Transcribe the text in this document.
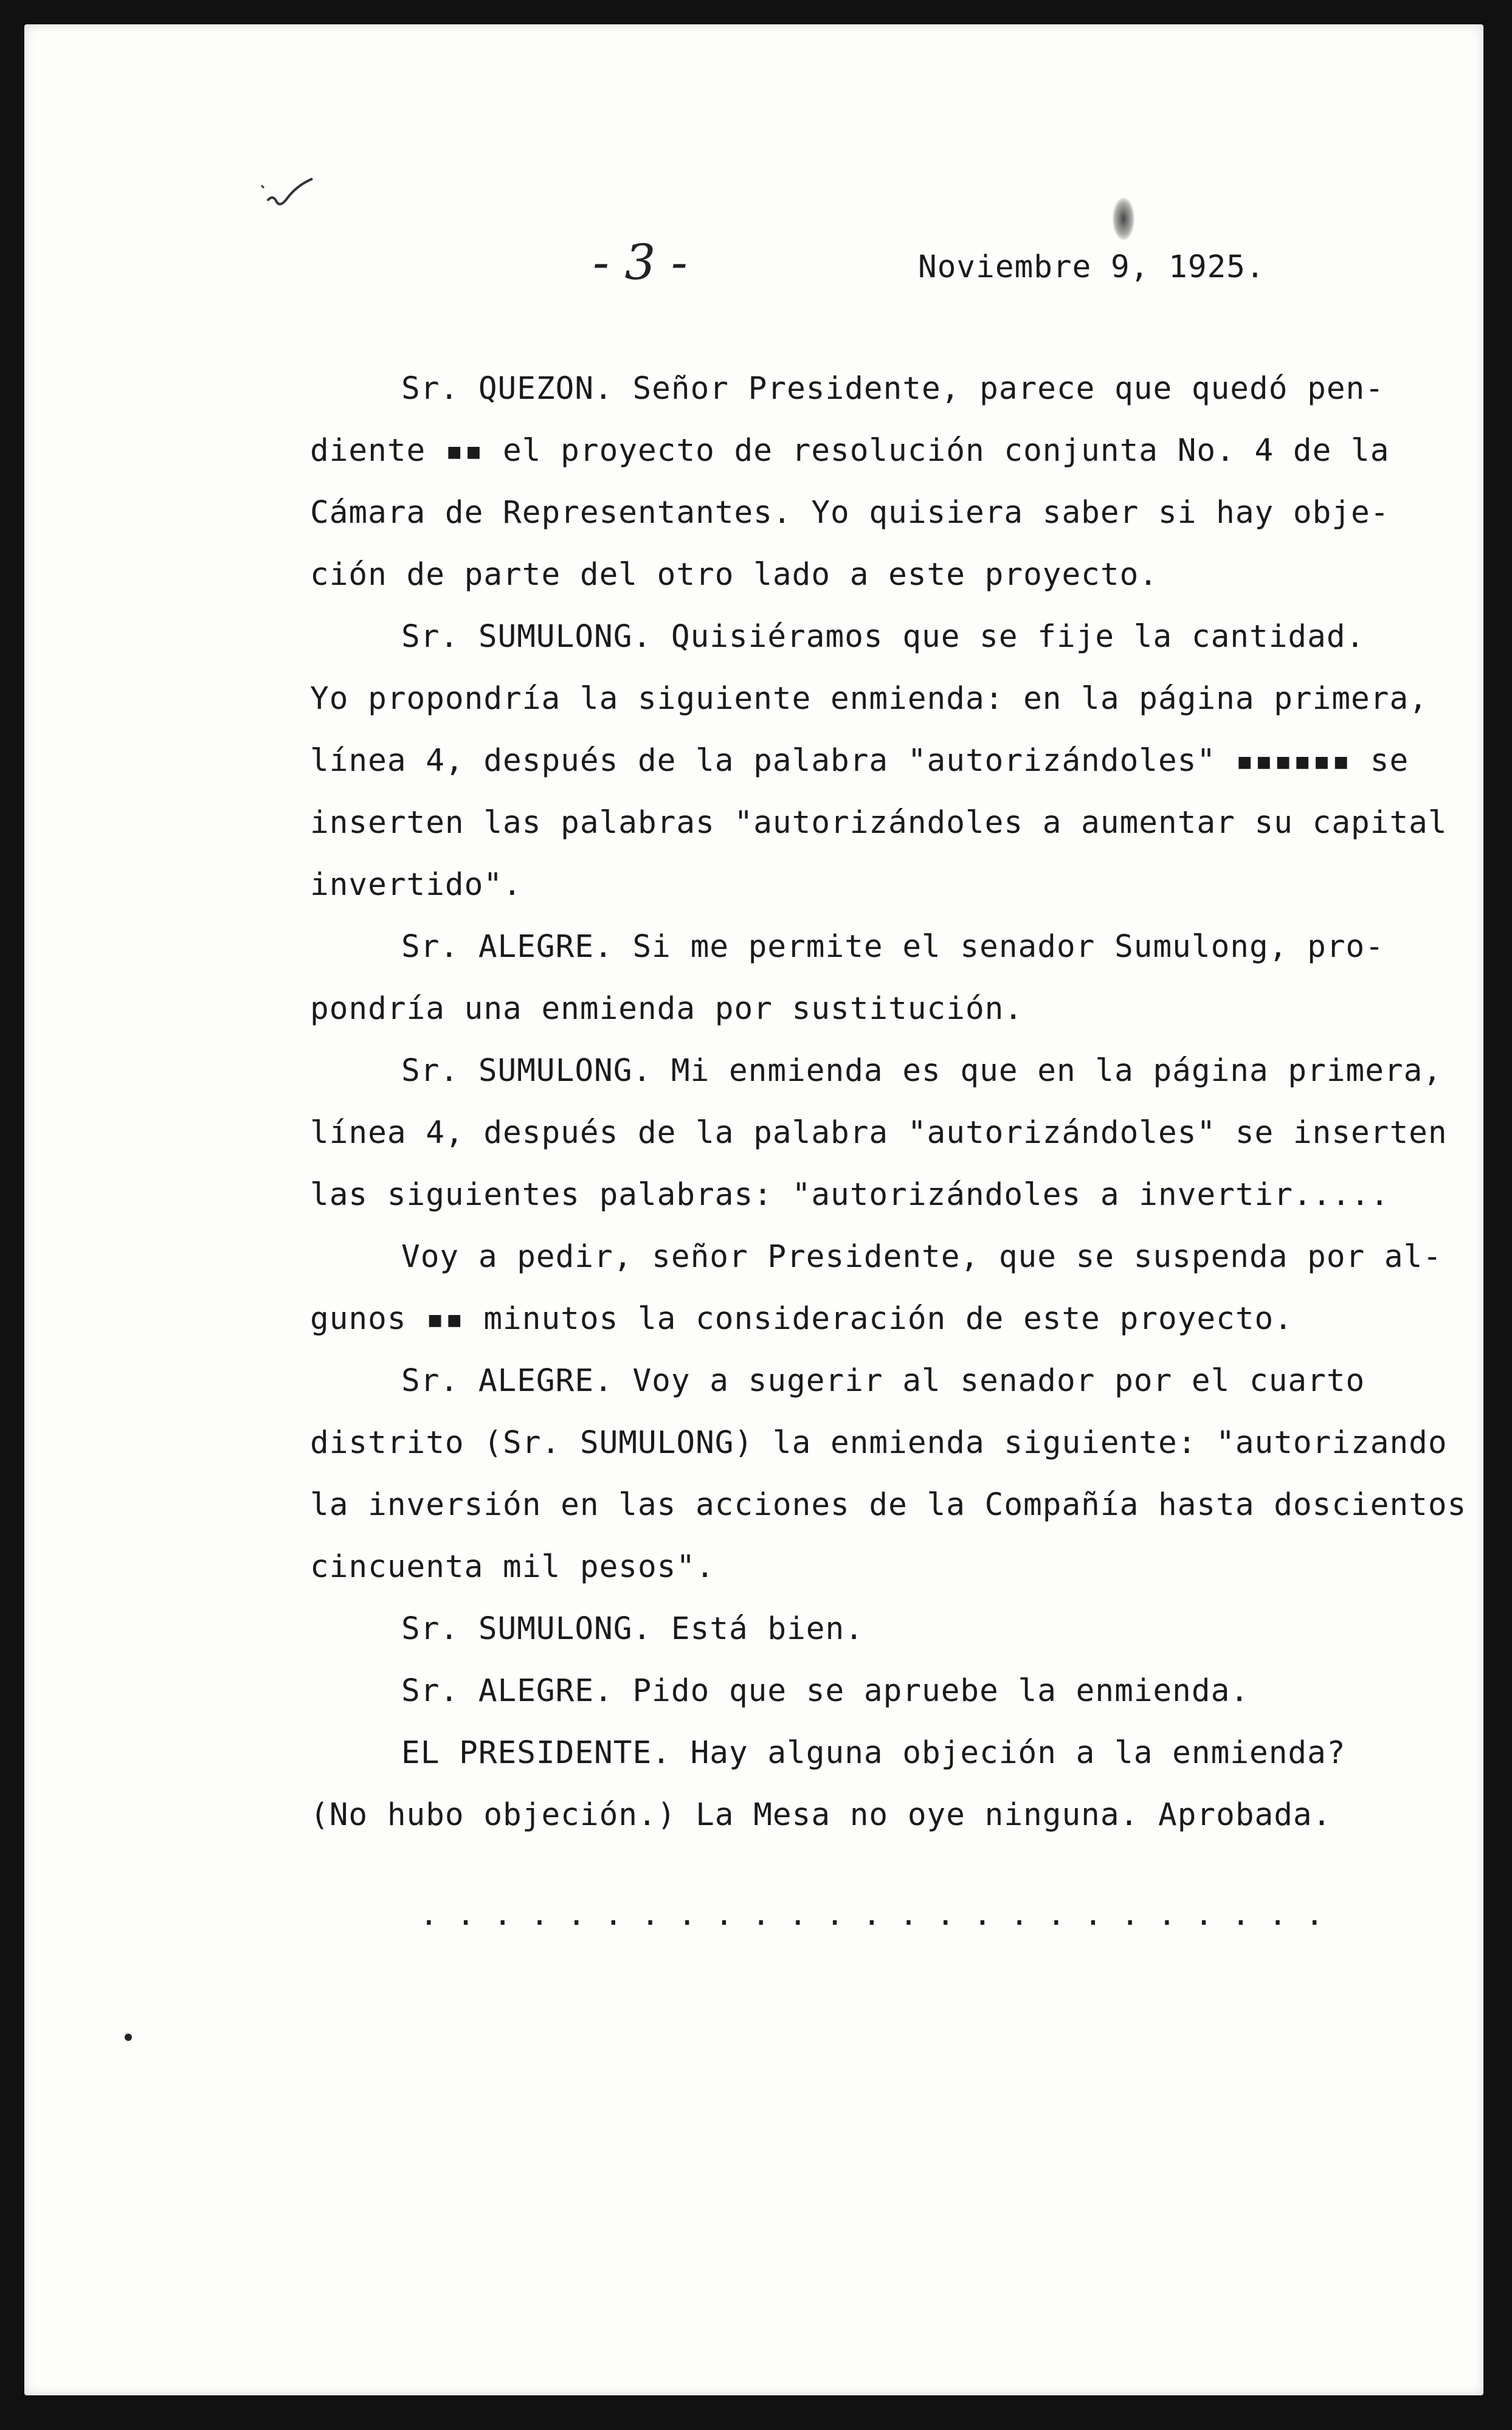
- 3 -	Noviembre 9, 1925.
Sr. QUEZON. Señor Presidente, parece que quedó pen-
diente ▪▪ el proyecto de resolución conjunta No. 4 de la
Cámara de Representantes. Yo quisiera saber si hay obje-
ción de parte del otro lado a este proyecto.
Sr. SUMULONG. Quisiéramos que se fije la cantidad.
Yo propondría la siguiente enmienda: en la página primera,
línea 4, después de la palabra "autorizándoles" ▪▪▪▪▪▪ se
inserten las palabras "autorizándoles a aumentar su capital
invertido".
Sr. ALEGRE. Si me permite el senador Sumulong, pro-
pondría una enmienda por sustitución.
Sr. SUMULONG. Mi enmienda es que en la página primera,
línea 4, después de la palabra "autorizándoles" se inserten
las siguientes palabras: "autorizándoles a invertir.....
Voy a pedir, señor Presidente, que se suspenda por al-
gunos ▪▪ minutos la consideración de este proyecto.
Sr. ALEGRE. Voy a sugerir al senador por el cuarto
distrito (Sr. SUMULONG) la enmienda siguiente: "autorizando
la inversión en las acciones de la Compañía hasta doscientos
cincuenta mil pesos".
Sr. SUMULONG. Está bien.
Sr. ALEGRE. Pido que se apruebe la enmienda.
EL PRESIDENTE. Hay alguna objeción a la enmienda?
(No hubo objeción.) La Mesa no oye ninguna. Aprobada.
.........................
